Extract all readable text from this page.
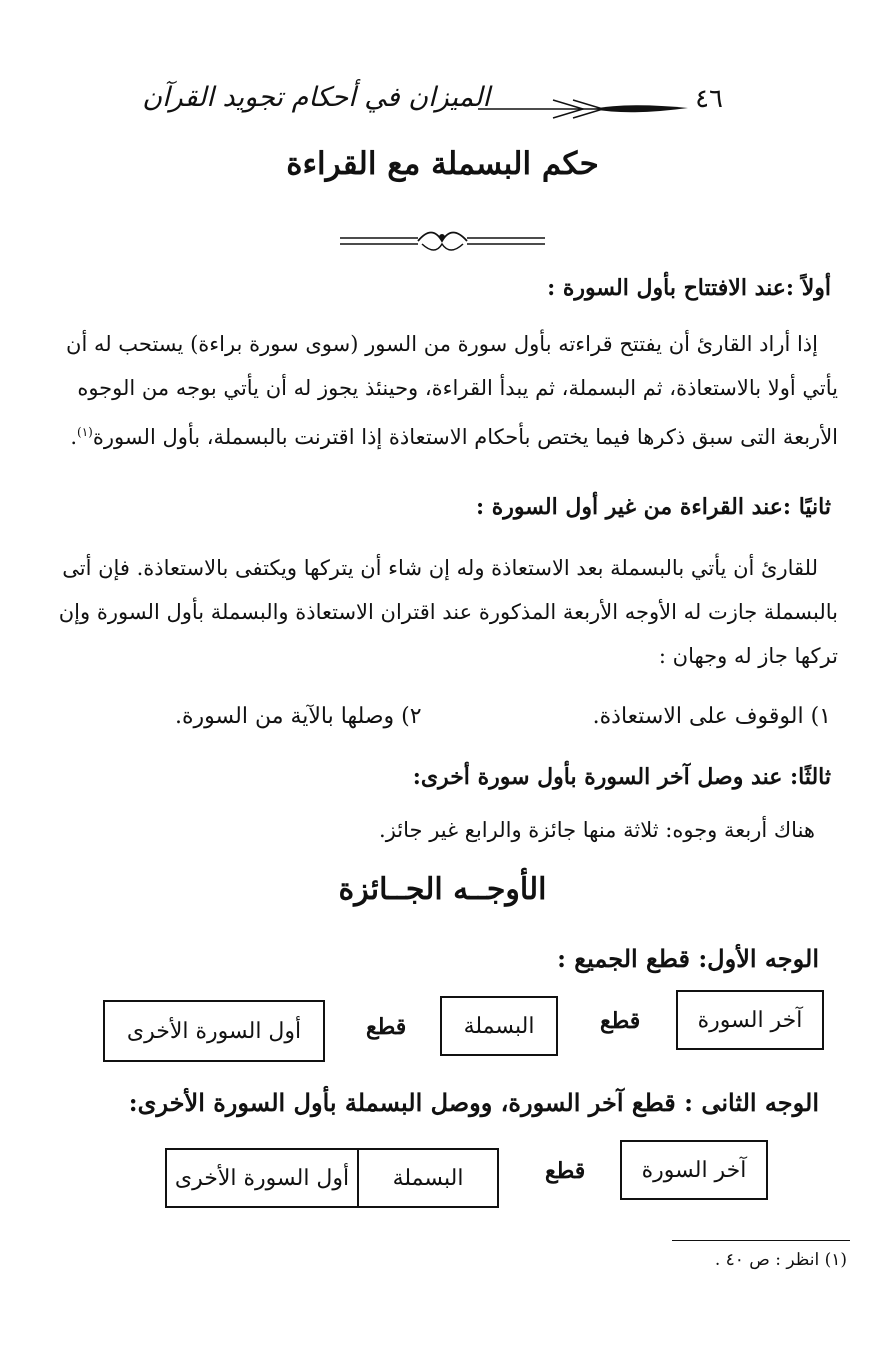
٤٦
الميزان في أحكام تجويد القرآن
حكم البسملة مع القراءة
أولاً :عند الافتتاح بأول السورة :
إذا أراد القارئ أن يفتتح قراءته بأول سورة من السور (سوى سورة براءة) يستحب له أن
يأتي أولا بالاستعاذة، ثم البسملة، ثم يبدأ القراءة، وحينئذ يجوز له أن يأتي بوجه من الوجوه
الأربعة التى سبق ذكرها فيما يختص بأحكام الاستعاذة إذا اقترنت بالبسملة، بأول السورة$^{(١)}$.
ثانيًا :عند القراءة من غير أول السورة :
للقارئ أن يأتي بالبسملة بعد الاستعاذة وله إن شاء أن يتركها ويكتفى بالاستعاذة. فإن أتى
بالبسملة جازت له الأوجه الأربعة المذكورة عند اقتران الاستعاذة والبسملة بأول السورة وإن
تركها جاز له وجهان :
١) الوقوف على الاستعاذة.
٢) وصلها بالآية من السورة.
ثالثًا: عند وصل آخر السورة بأول سورة أخرى:
هناك أربعة وجوه: ثلاثة منها جائزة والرابع غير جائز.
الأوجــه الجــائزة
الوجه الأول: قطع الجميع :
آخر السورة
قطع
البسملة
قطع
أول السورة الأخرى
الوجه الثانى : قطع آخر السورة، ووصل البسملة بأول السورة الأخرى:
آخر السورة
قطع
البسملة
أول السورة الأخرى
(١) انظر : ص ٤٠ .
